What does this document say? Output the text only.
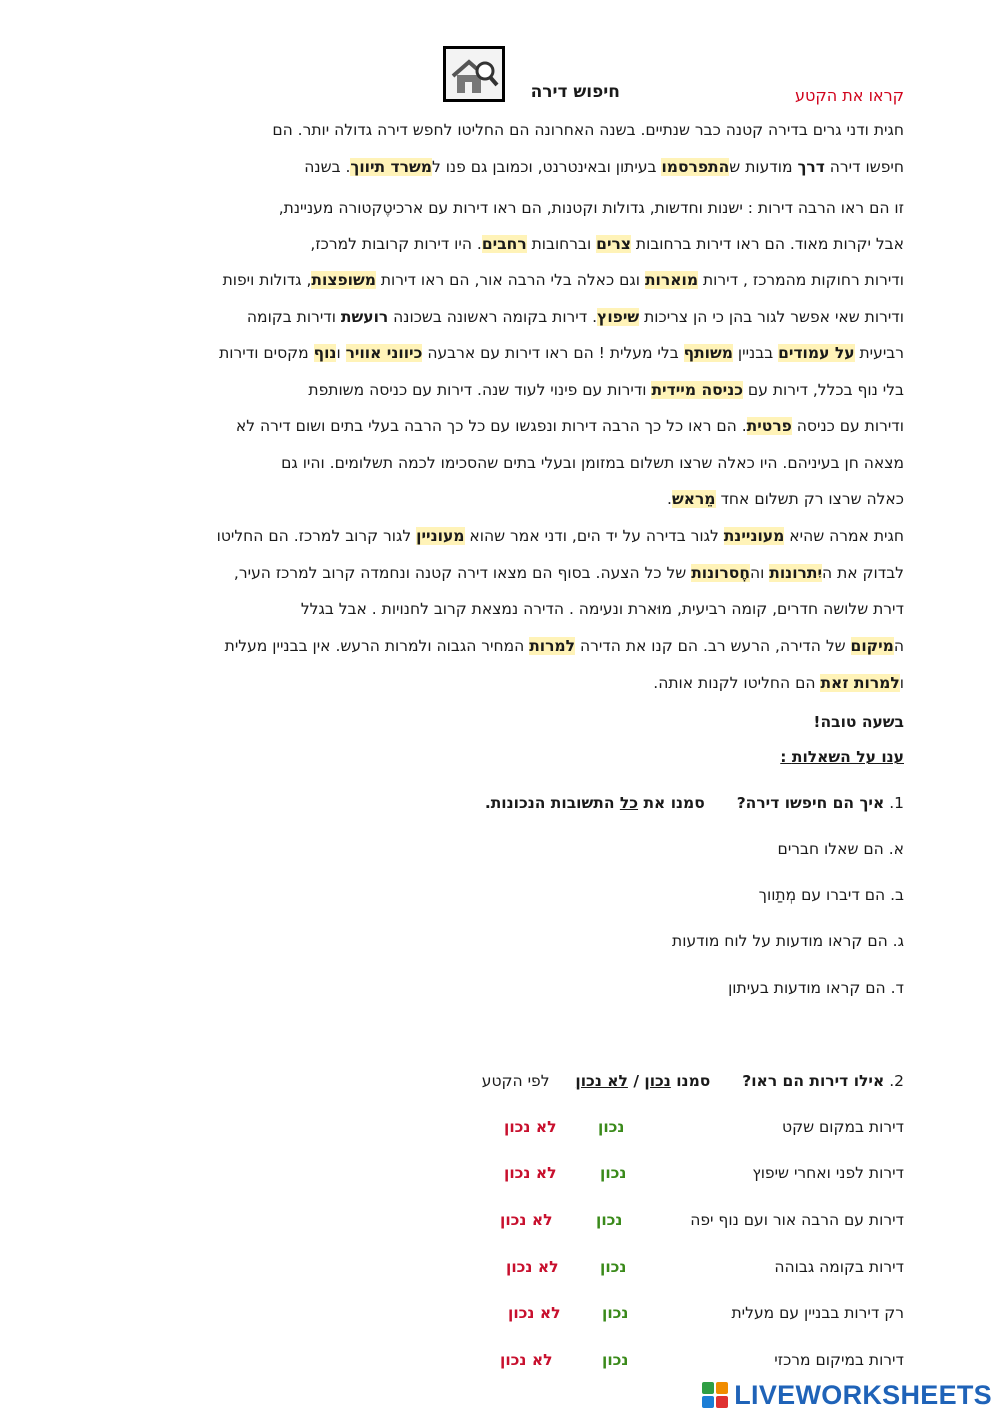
חיפוש דירה	קראו את הקטע
חגית ודני גרים בדירה קטנה כבר שנתיים. בשנה האחרונה הם החליטו לחפש דירה גדולה יותר. הם
חיפשו דירה דרך מודעות שהתפרסמו בעיתון ובאינטרנט, וכמובן גם פנו למשרד תיווך. בשנה
זו הם ראו הרבה דירות : ישנות וחדשות, גדולות וקטנות, הם ראו דירות עם ארכיטֶקטורה מעניינת,
אבל יקרות מאוד. הם ראו דירות ברחובות צרים וברחובות רחבים. היו דירות קרובות למרכז,
ודירות רחוקות מהמרכז , דירות מוארות וגם כאלה בלי הרבה אור, הם ראו דירות משופצות, גדולות ויפות
ודירות שאי אפשר לגור בהן כי הן צריכות שיפוץ. דירות בקומה ראשונה בשכונה רועשת ודירות בקומה
רביעית על עמודים בבניין משותף בלי מעלית ! הם ראו דירות עם ארבעה כיווני אוויר ונוף מקסים ודירות
בלי נוף בכלל, דירות עם כניסה מיידית ודירות עם פינוי לעוד שנה. דירות עם כניסה משותפת
ודירות עם כניסה פרטית. הם ראו כל כך הרבה דירות ונפגשו עם כל כך הרבה בעלי בתים ושום דירה לא
מצאה חן בעיניהם. היו כאלה שרצו תשלום במזומן ובעלי בתים שהסכימו לכמה תשלומים. והיו גם
כאלה שרצו רק תשלום אחד מֵראש.
חגית אמרה שהיא מעוניינת לגור בדירה על יד הים, ודני אמר שהוא מעוניין לגור קרוב למרכז. הם החליטו
לבדוק את היִתרונות והחֶסרונות של כל הצעה. בסוף הם מצאו דירה קטנה ונחמדה קרוב למרכז העיר,
דירת שלושה חדרים, קומה רביעית, מוּארת ונעימה . הדירה נמצאת קרוב לחנויות . אבל בגלל
המיקום של הדירה, הרעש רב. הם קנו את הדירה למרות המחיר הגבוה ולמרות הרעש. אין בבניין מעלית
ולמרות זאת הם החליטו לקנות אותה.
בשעה טובה!
ענו על השאלות :
1. איך הם חיפשו דירה?  סמנו את כל התשובות הנכונות.
א. הם שאלו חברים
ב. הם דיברו עם מְתַווך
ג. הם קראו מודעות על לוח מודעות
ד. הם קראו מודעות בעיתון
2. אילו דירות הם ראו?  סמנו נכון / לא נכון  לפי הקטע
דירות במקום שקט
נכון
לא נכון
דירות לפני ואחרי שיפוץ
נכון
לא נכון
דירות עם הרבה אור ועם נוף יפה
נכון
לא נכון
דירות בקומה גבוהה
נכון
לא נכון
רק דירות בבניין עם מעלית
נכון
לא נכון
דירות במיקום מרכזי
נכון
לא נכון
LIVEWORKSHEETS
